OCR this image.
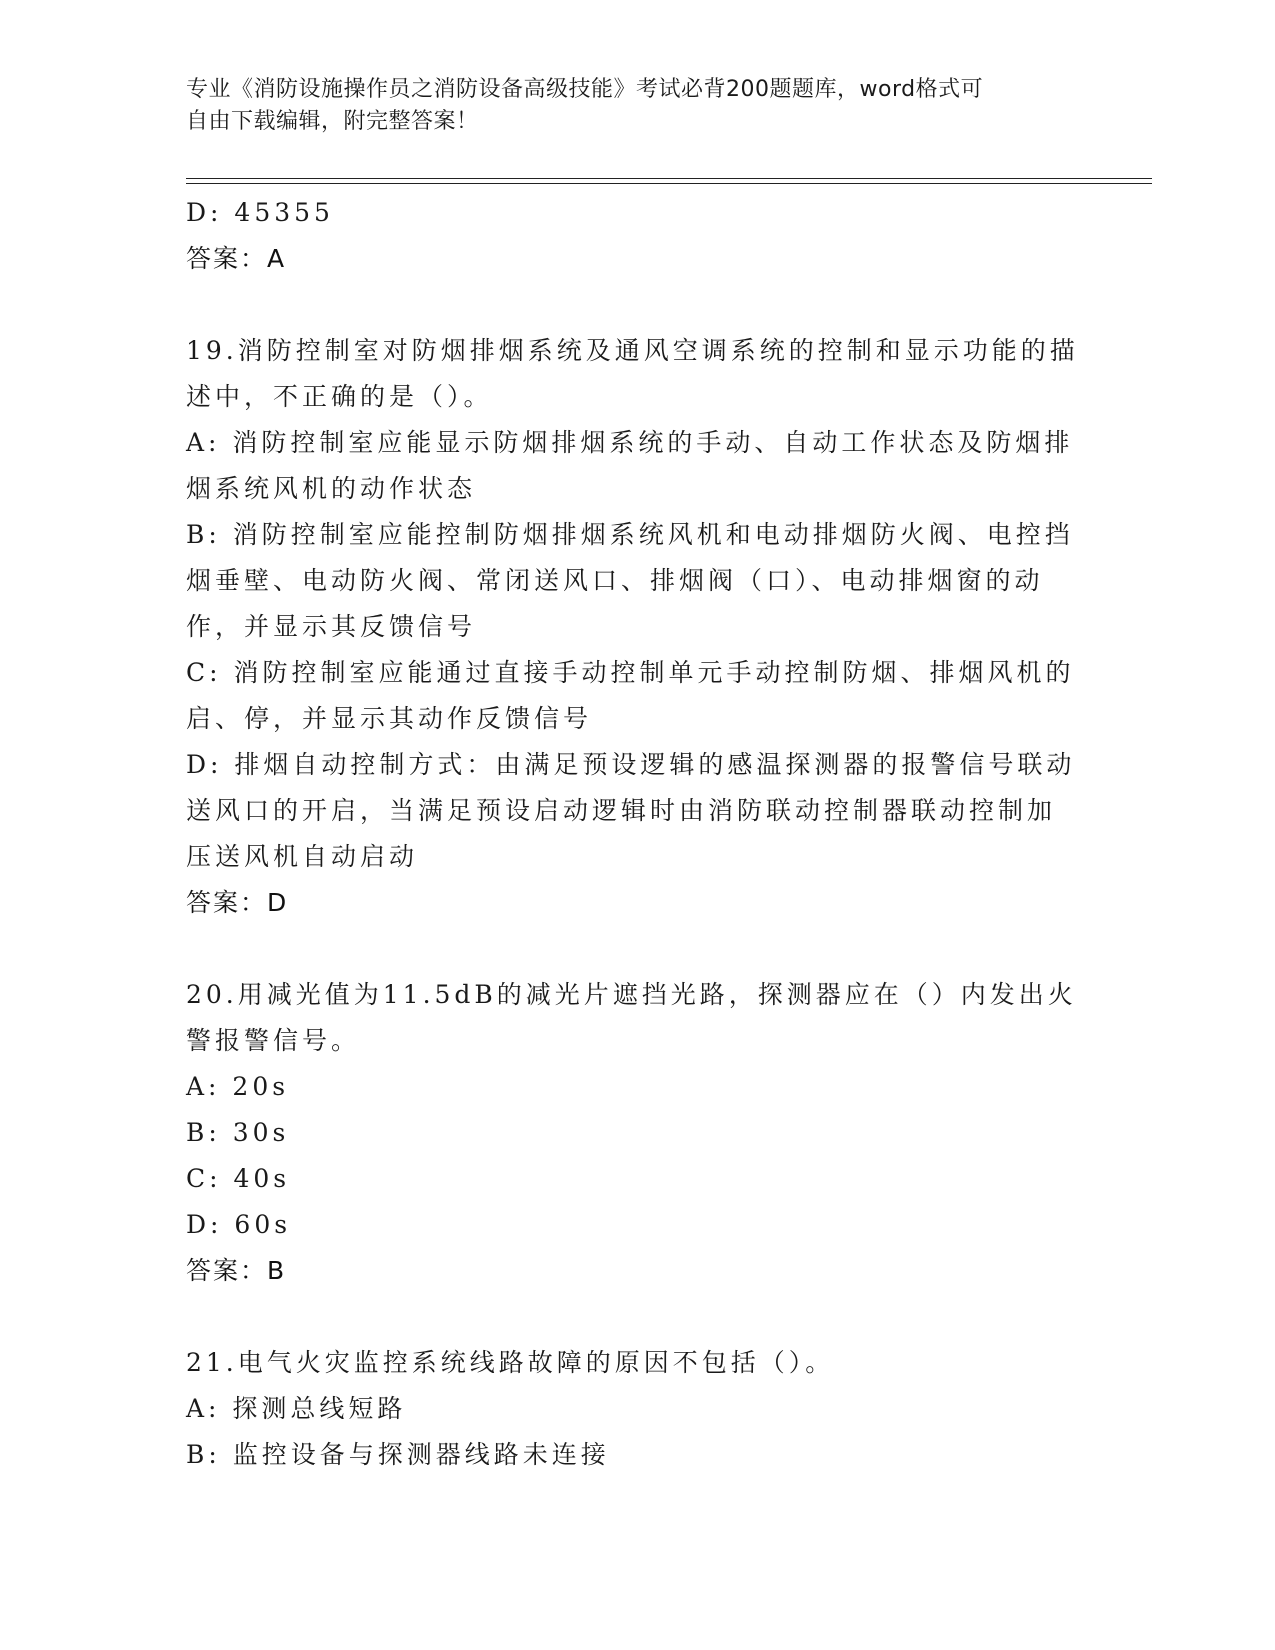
专业《消防设施操作员之消防设备高级技能》考试必背200题题库，word格式可
自由下载编辑，附完整答案！
D: 45355
答案：A
19.消防控制室对防烟排烟系统及通风空调系统的控制和显示功能的描
述中，不正确的是（）。
A: 消防控制室应能显示防烟排烟系统的手动、自动工作状态及防烟排
烟系统风机的动作状态
B: 消防控制室应能控制防烟排烟系统风机和电动排烟防火阀、电控挡
烟垂壁、电动防火阀、常闭送风口、排烟阀（口）、电动排烟窗的动
作，并显示其反馈信号
C: 消防控制室应能通过直接手动控制单元手动控制防烟、排烟风机的
启、停，并显示其动作反馈信号
D: 排烟自动控制方式：由满足预设逻辑的感温探测器的报警信号联动
送风口的开启，当满足预设启动逻辑时由消防联动控制器联动控制加
压送风机自动启动
答案：D
20.用减光值为11.5dB的减光片遮挡光路，探测器应在（）内发出火
警报警信号。
A: 20s
B: 30s
C: 40s
D: 60s
答案：B
21.电气火灾监控系统线路故障的原因不包括（）。
A: 探测总线短路
B: 监控设备与探测器线路未连接
